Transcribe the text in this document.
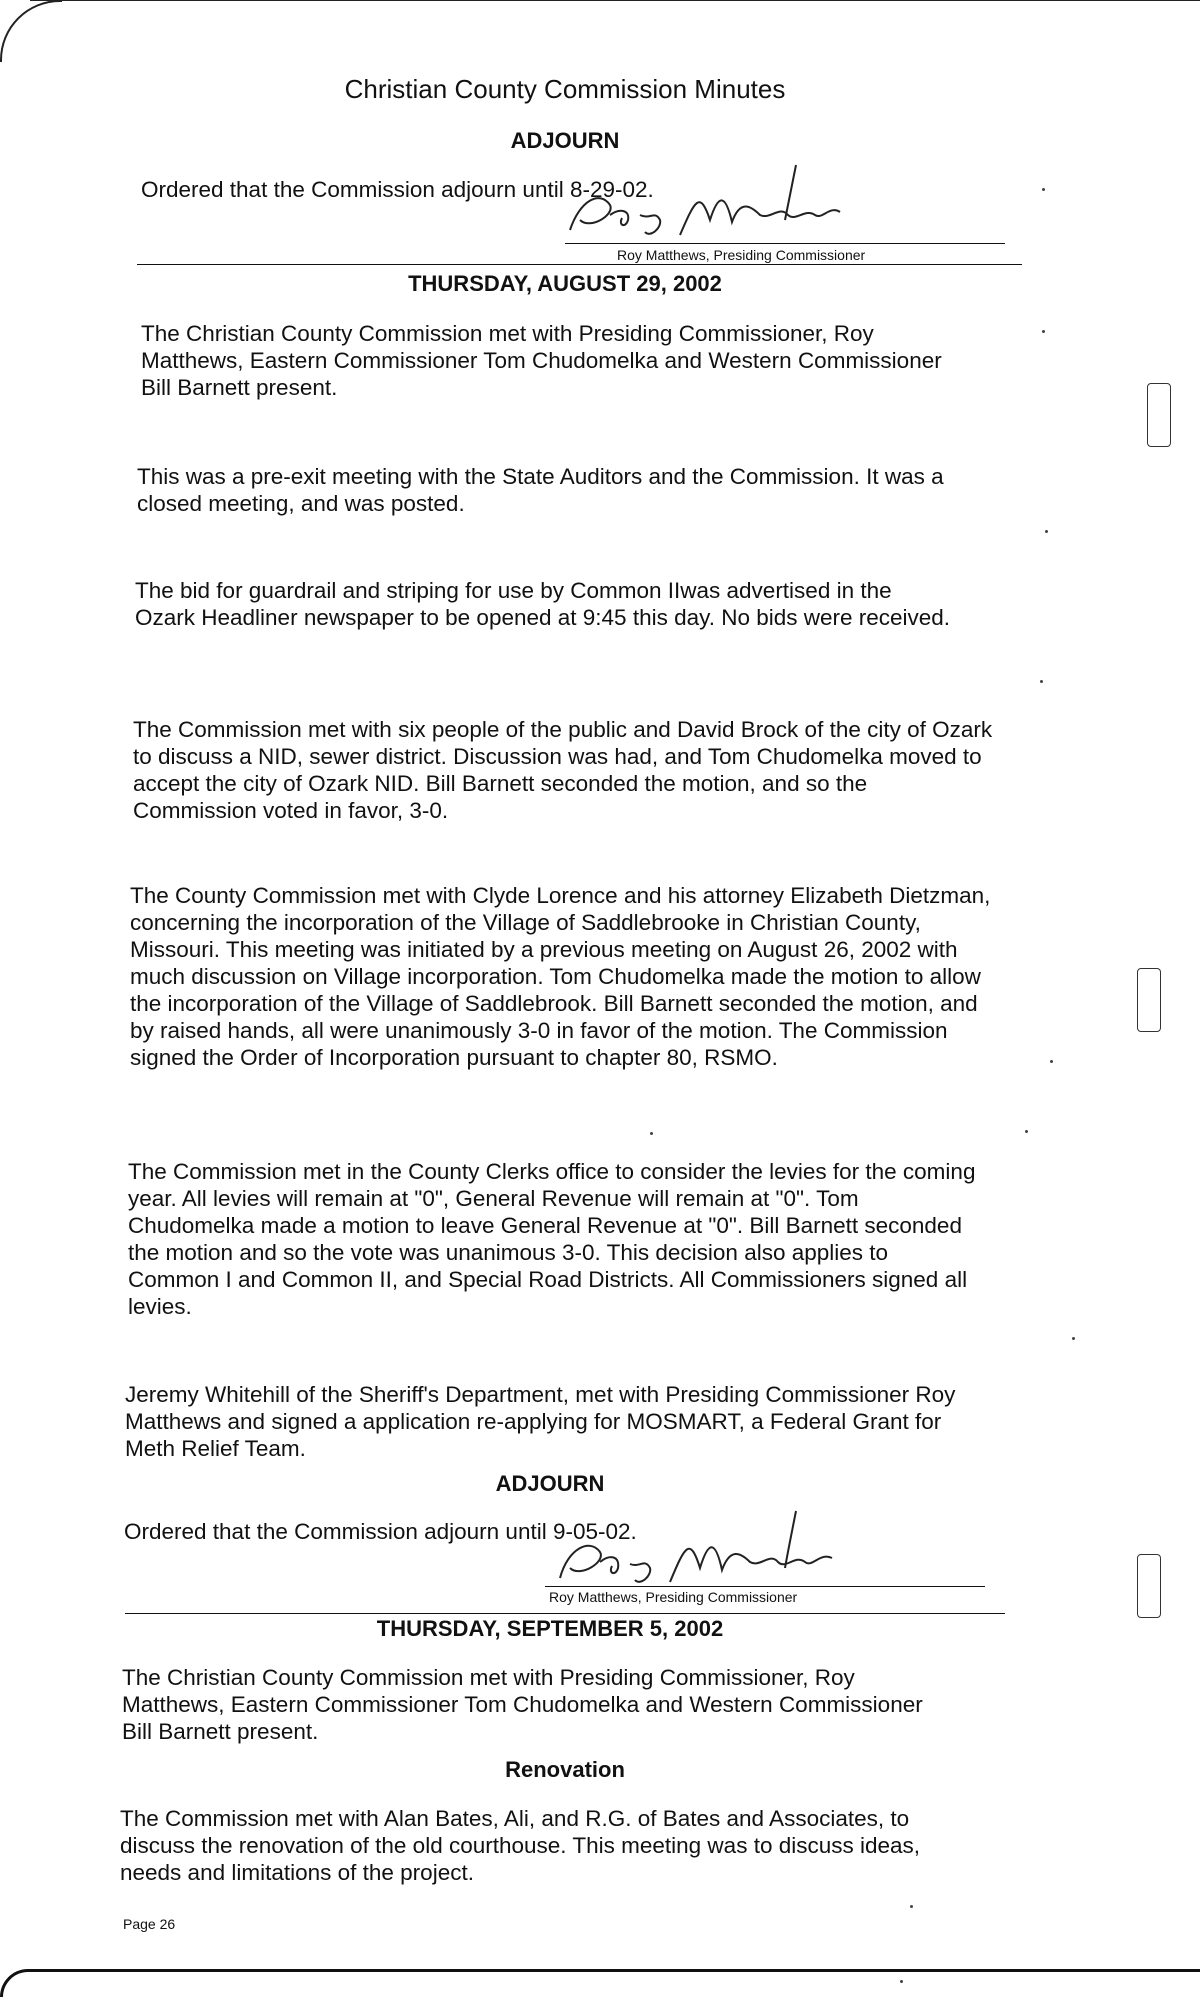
Christian County Commission Minutes
ADJOURN

Ordered that the Commission adjourn until 8-29-02.

Roy Matthews, Presiding Commissioner
THURSDAY, AUGUST 29, 2002

The Christian County Commission met with Presiding Commissioner, Roy Matthews, Eastern Commissioner Tom Chudomelka and Western Commissioner Bill Barnett present.

This was a pre-exit meeting with the State Auditors and the Commission. It was a closed meeting, and was posted.

The bid for guardrail and striping for use by Common IIwas advertised in the Ozark Headliner newspaper to be opened at 9:45 this day. No bids were received.

The Commission met with six people of the public and David Brock of the city of Ozark to discuss a NID, sewer district. Discussion was had, and Tom Chudomelka moved to accept the city of Ozark NID. Bill Barnett seconded the motion, and so the Commission voted in favor, 3-0.

The County Commission met with Clyde Lorence and his attorney Elizabeth Dietzman, concerning the incorporation of the Village of Saddlebrooke in Christian County, Missouri. This meeting was initiated by a previous meeting on August 26, 2002 with much discussion on Village incorporation. Tom Chudomelka made the motion to allow the incorporation of the Village of Saddlebrook. Bill Barnett seconded the motion, and by raised hands, all were unanimously 3-0 in favor of the motion. The Commission signed the Order of Incorporation pursuant to chapter 80, RSMO.

The Commission met in the County Clerks office to consider the levies for the coming year. All levies will remain at "0", General Revenue will remain at "0". Tom Chudomelka made a motion to leave General Revenue at "0". Bill Barnett seconded the motion and so the vote was unanimous 3-0. This decision also applies to Common I and Common II, and Special Road Districts. All Commissioners signed all levies.

Jeremy Whitehill of the Sheriff's Department, met with Presiding Commissioner Roy Matthews and signed a application re-applying for MOSMART, a Federal Grant for Meth Relief Team.

ADJOURN

Ordered that the Commission adjourn until 9-05-02.

Roy Matthews, Presiding Commissioner
THURSDAY, SEPTEMBER 5, 2002

The Christian County Commission met with Presiding Commissioner, Roy Matthews, Eastern Commissioner Tom Chudomelka and Western Commissioner Bill Barnett present.

Renovation

The Commission met with Alan Bates, Ali, and R.G. of Bates and Associates, to discuss the renovation of the old courthouse. This meeting was to discuss ideas, needs and limitations of the project.

Page 26
